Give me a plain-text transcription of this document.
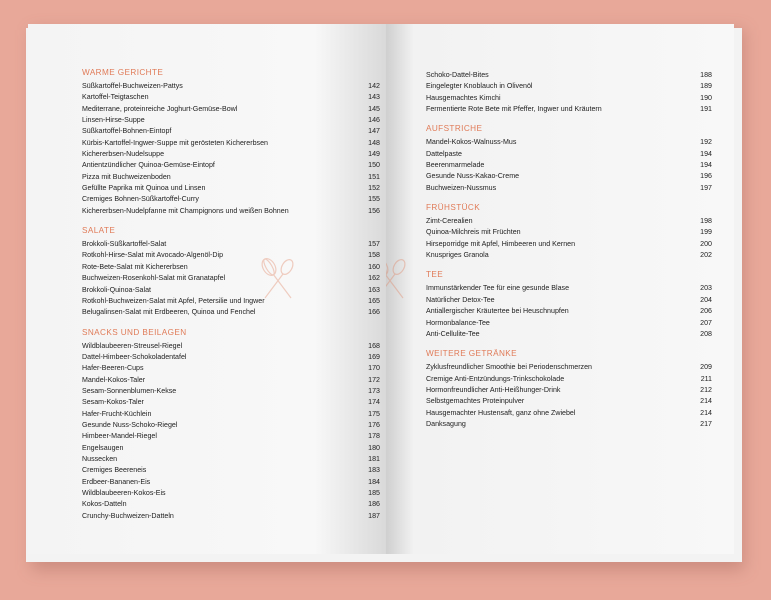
WARME GERICHTE
Süßkartoffel-Buchweizen-Pattys	142
Kartoffel-Teigtaschen	143
Mediterrane, proteinreiche Joghurt-Gemüse-Bowl	145
Linsen-Hirse-Suppe	146
Süßkartoffel-Bohnen-Eintopf	147
Kürbis-Kartoffel-Ingwer-Suppe mit gerösteten Kichererbsen	148
Kichererbsen-Nudelsuppe	149
Antientzündlicher Quinoa-Gemüse-Eintopf	150
Pizza mit Buchweizenboden	151
Gefüllte Paprika mit Quinoa und Linsen	152
Cremiges Bohnen-Süßkartoffel-Curry	155
Kichererbsen-Nudelpfanne mit Champignons und weißen Bohnen	156
SALATE
Brokkoli-Süßkartoffel-Salat	157
Rotkohl-Hirse-Salat mit Avocado-Algenöl-Dip	158
Rote-Bete-Salat mit Kichererbsen	160
Buchweizen-Rosenkohl-Salat mit Granatapfel	162
Brokkoli-Quinoa-Salat	163
Rotkohl-Buchweizen-Salat mit Apfel, Petersilie und Ingwer	165
Belugalinsen-Salat mit Erdbeeren, Quinoa und Fenchel	166
SNACKS UND BEILAGEN
Wildblaubeeren-Streusel-Riegel	168
Dattel-Himbeer-Schokoladentafel	169
Hafer-Beeren-Cups	170
Mandel-Kokos-Taler	172
Sesam-Sonnenblumen-Kekse	173
Sesam-Kokos-Taler	174
Hafer-Frucht-Küchlein	175
Gesunde Nuss-Schoko-Riegel	176
Himbeer-Mandel-Riegel	178
Engelsaugen	180
Nussecken	181
Cremiges Beereneis	183
Erdbeer-Bananen-Eis	184
Wildblaubeeren-Kokos-Eis	185
Kokos-Datteln	186
Crunchy-Buchweizen-Datteln	187
Schoko-Dattel-Bites	188
Eingelegter Knoblauch in Olivenöl	189
Hausgemachtes Kimchi	190
Fermentierte Rote Bete mit Pfeffer, Ingwer und Kräutern	191
AUFSTRICHE
Mandel-Kokos-Walnuss-Mus	192
Dattelpaste	194
Beerenmarmelade	194
Gesunde Nuss-Kakao-Creme	196
Buchweizen-Nussmus	197
FRÜHSTÜCK
Zimt-Cerealien	198
Quinoa-Milchreis mit Früchten	199
Hirseporridge mit Apfel, Himbeeren und Kernen	200
Knuspriges Granola	202
TEE
Immunstärkender Tee für eine gesunde Blase	203
Natürlicher Detox-Tee	204
Antiallergischer Kräutertee bei Heuschnupfen	206
Hormonbalance-Tee	207
Anti-Cellulite-Tee	208
WEITERE GETRÄNKE
Zyklusfreundlicher Smoothie bei Periodenschmerzen	209
Cremige Anti-Entzündungs-Trinkschokolade	211
Hormonfreundlicher Anti-Heißhunger-Drink	212
Selbstgemachtes Proteinpulver	214
Hausgemachter Hustensaft, ganz ohne Zwiebel	214
Danksagung	217
